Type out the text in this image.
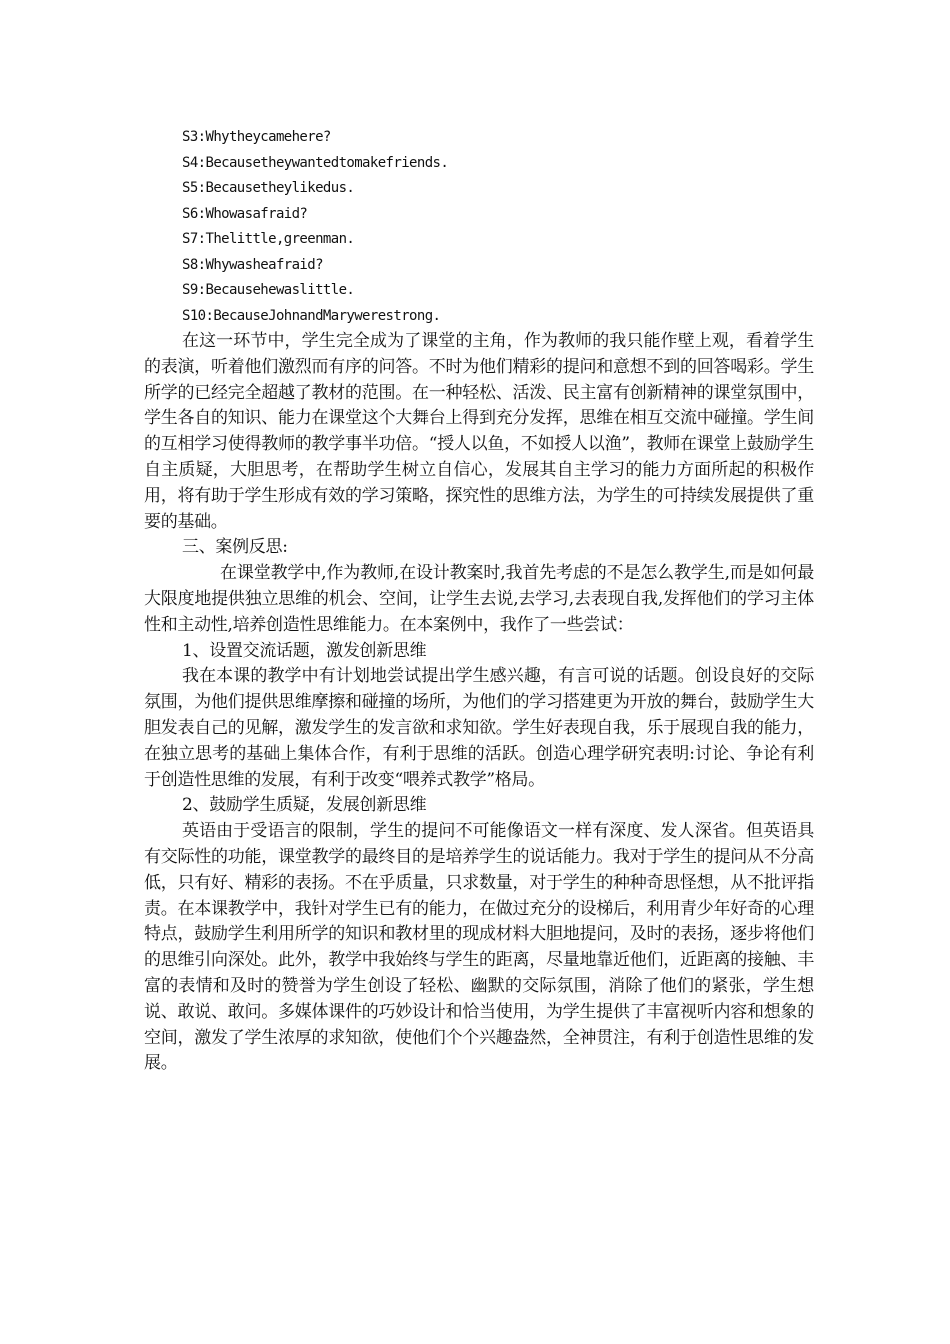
S3:Whytheycamehere?
S4:Becausetheywantedtomakefriends.
S5:Becausetheylikedus.
S6:Whowasafraid?
S7:Thelittle,greenman.
S8:Whywasheafraid?
S9:Becausehewaslittle.
S10:BecauseJohnandMarywerestrong.

在这一环节中，学生完全成为了课堂的主角，作为教师的我只能作壁上观，看着学生的表演，听着他们激烈而有序的问答。不时为他们精彩的提问和意想不到的回答喝彩。学生所学的已经完全超越了教材的范围。在一种轻松、活泼、民主富有创新精神的课堂氛围中，学生各自的知识、能力在课堂这个大舞台上得到充分发挥，思维在相互交流中碰撞。学生间的互相学习使得教师的教学事半功倍。“授人以鱼，不如授人以渔”，教师在课堂上鼓励学生自主质疑，大胆思考，在帮助学生树立自信心，发展其自主学习的能力方面所起的积极作用，将有助于学生形成有效的学习策略，探究性的思维方法，为学生的可持续发展提供了重要的基础。

三、案例反思:

在课堂教学中,作为教师,在设计教案时,我首先考虑的不是怎么教学生,而是如何最大限度地提供独立思维的机会、空间，让学生去说,去学习,去表现自我,发挥他们的学习主体性和主动性,培养创造性思维能力。在本案例中，我作了一些尝试：

1、设置交流话题，激发创新思维

我在本课的教学中有计划地尝试提出学生感兴趣，有言可说的话题。创设良好的交际氛围，为他们提供思维摩擦和碰撞的场所，为他们的学习搭建更为开放的舞台，鼓励学生大胆发表自己的见解，激发学生的发言欲和求知欲。学生好表现自我，乐于展现自我的能力，在独立思考的基础上集体合作，有利于思维的活跃。创造心理学研究表明:讨论、争论有利于创造性思维的发展，有利于改变“喂养式教学”格局。

2、鼓励学生质疑，发展创新思维

英语由于受语言的限制，学生的提问不可能像语文一样有深度、发人深省。但英语具有交际性的功能，课堂教学的最终目的是培养学生的说话能力。我对于学生的提问从不分高低，只有好、精彩的表扬。不在乎质量，只求数量，对于学生的种种奇思怪想，从不批评指责。在本课教学中，我针对学生已有的能力，在做过充分的设梯后，利用青少年好奇的心理特点，鼓励学生利用所学的知识和教材里的现成材料大胆地提问，及时的表扬，逐步将他们的思维引向深处。此外，教学中我始终与学生的距离，尽量地靠近他们，近距离的接触、丰富的表情和及时的赞誉为学生创设了轻松、幽默的交际氛围，消除了他们的紧张，学生想说、敢说、敢问。多媒体课件的巧妙设计和恰当使用，为学生提供了丰富视听内容和想象的空间，激发了学生浓厚的求知欲，使他们个个兴趣盎然，全神贯注，有利于创造性思维的发展。
